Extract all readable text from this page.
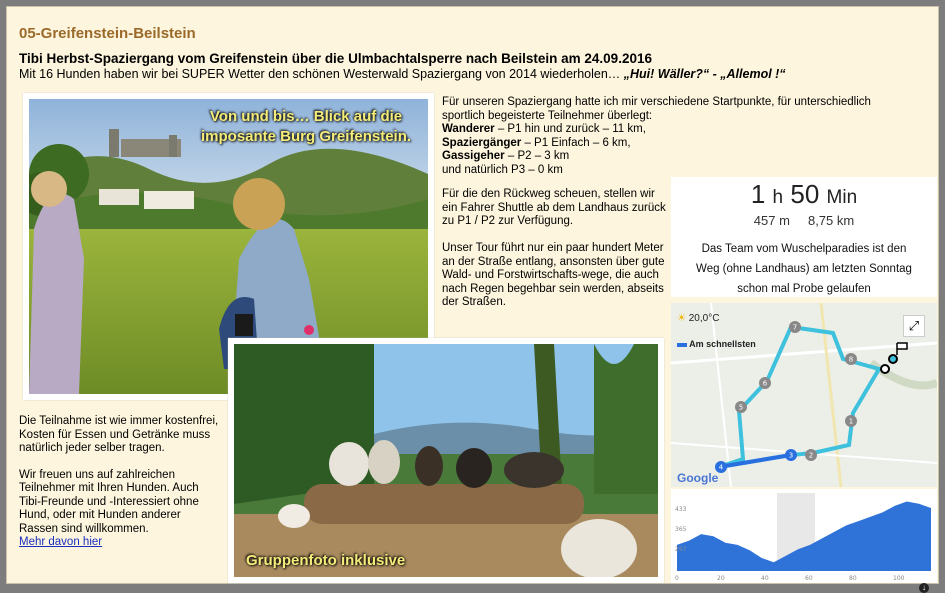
05-Greifenstein-Beilstein
Tibi Herbst-Spaziergang vom Greifenstein über die Ulmbachtalsperre nach Beilstein am 24.09.2016
Mit 16 Hunden haben wir bei SUPER Wetter den schönen Westerwald Spaziergang von 2014 wiederholen… „Hui! Wäller?“ - „Allemol !“
Von und bis… Blick auf die
imposante Burg Greifenstein.
Für unseren Spaziergang hatte ich mir verschiedene Startpunkte, für unterschiedlich
sportlich begeisterte Teilnehmer überlegt:
Wanderer – P1 hin und zurück – 11 km,
Spaziergänger – P1 Einfach – 6 km,
Gassigeher – P2 – 3 km
und natürlich P3 – 0 km
Für die den Rückweg scheuen, stellen wir ein Fahrer Shuttle ab dem Landhaus zurück zu P1 / P2 zur Verfügung.
Unser Tour führt nur ein paar hundert Meter an der Straße entlang, ansonsten über gute Wald- und Forstwirtschafts-wege, die auch nach Regen begehbar sein werden, abseits der Straßen.
1 h 50 Min
457 m 8,75 km
Das Team vom Wuschelparadies ist den Weg (ohne Landhaus) am letzten Sonntag schon mal Probe gelaufen
1
2
3
4
5
6
7
8
☀ 20,0°C
Am schnellsten
⤢
Google
433
365
297
0	20	40	60	80	100

Die Teilnahme ist wie immer kostenfrei, Kosten für Essen und Getränke muss natürlich jeder selber tragen.

Wir freuen uns auf zahlreichen Teilnehmer mit Ihren Hunden. Auch Tibi-Freunde und -Interessiert ohne Hund, oder mit Hunden anderer Rassen sind willkommen.

Mehr davon hier
Gruppenfoto inklusive
↓
